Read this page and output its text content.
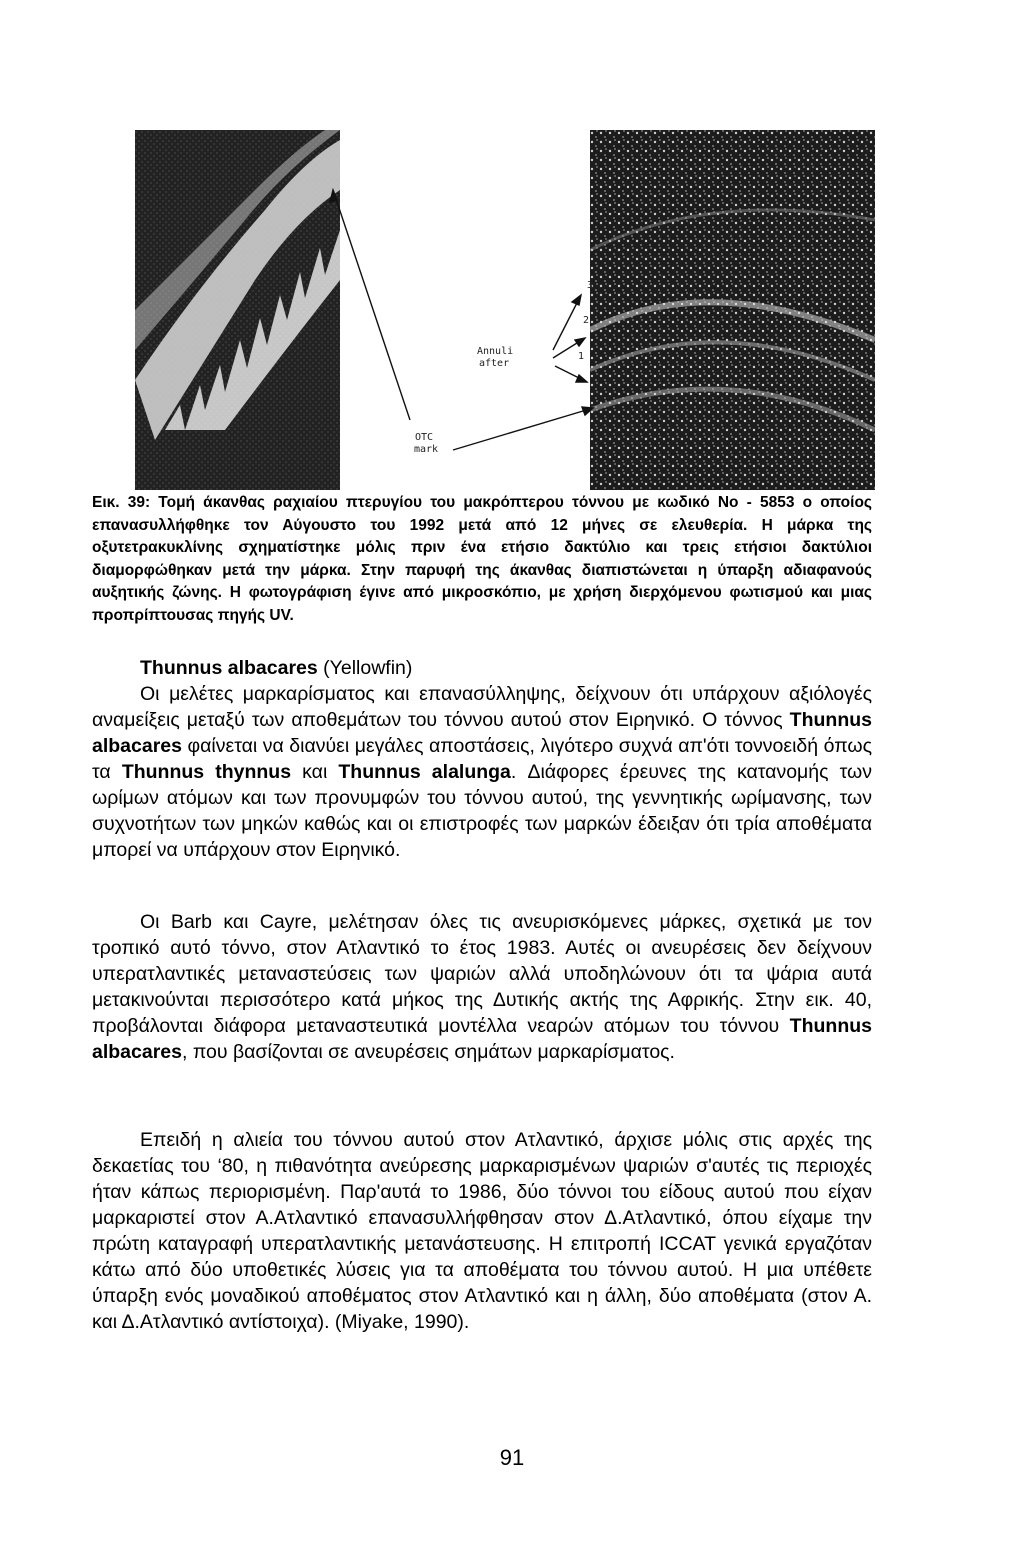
3
2
1
Annuli
after
OTC
mark
Εικ. 39: Τομή άκανθας ραχιαίου πτερυγίου του μακρόπτερου τόννου με κωδικό Νο - 5853 ο οποίος επανασυλλήφθηκε τον Αύγουστο του 1992 μετά από 12 μήνες σε ελευθερία. Η μάρκα της οξυτετρακυκλίνης σχηματίστηκε μόλις πριν ένα ετήσιο δακτύλιο και τρεις ετήσιοι δακτύλιοι διαμορφώθηκαν μετά την μάρκα. Στην παρυφή της άκανθας διαπιστώνεται η ύπαρξη αδιαφανούς αυξητικής ζώνης. Η φωτογράφιση έγινε από μικροσκόπιο, με χρήση διερχόμενου φωτισμού και μιας προπρίπτουσας πηγής UV.

Thunnus albacares (Yellowfin)

Οι μελέτες μαρκαρίσματος και επανασύλληψης, δείχνουν ότι υπάρχουν αξιόλογές αναμείξεις μεταξύ των αποθεμάτων του τόννου αυτού στον Ειρηνικό. Ο τόννος Thunnus albacares φαίνεται να διανύει μεγάλες αποστάσεις, λιγότερο συχνά απ'ότι τοννοειδή όπως τα Thunnus thynnus και Thunnus alalunga. Διάφορες έρευνες της κατανομής των ωρίμων ατόμων και των προνυμφών του τόννου αυτού, της γεννητικής ωρίμανσης, των συχνοτήτων των μηκών καθώς και οι επιστροφές των μαρκών έδειξαν ότι τρία αποθέματα μπορεί να υπάρχουν στον Ειρηνικό.

Οι Barb και Cayre, μελέτησαν όλες τις ανευρισκόμενες μάρκες, σχετικά με τον τροπικό αυτό τόννο, στον Ατλαντικό το έτος 1983. Αυτές οι ανευρέσεις δεν δείχνουν υπερατλαντικές μεταναστεύσεις των ψαριών αλλά υποδηλώνουν ότι τα ψάρια αυτά μετακινούνται περισσότερο κατά μήκος της Δυτικής ακτής της Αφρικής. Στην εικ. 40, προβάλονται διάφορα μεταναστευτικά μοντέλλα νεαρών ατόμων του τόννου Thunnus albacares, που βασίζονται σε ανευρέσεις σημάτων μαρκαρίσματος.

Επειδή η αλιεία του τόννου αυτού στον Ατλαντικό, άρχισε μόλις στις αρχές της δεκαετίας του ‘80, η πιθανότητα ανεύρεσης μαρκαρισμένων ψαριών σ'αυτές τις περιοχές ήταν κάπως περιορισμένη. Παρ'αυτά το 1986, δύο τόννοι του είδους αυτού που είχαν μαρκαριστεί στον Α.Ατλαντικό επανασυλλήφθησαν στον Δ.Ατλαντικό, όπου είχαμε την πρώτη καταγραφή υπερατλαντικής μετανάστευσης. Η επιτροπή ICCAT γενικά εργαζόταν κάτω από δύο υποθετικές λύσεις για τα αποθέματα του τόννου αυτού. Η μια υπέθετε ύπαρξη ενός μοναδικού αποθέματος στον Ατλαντικό και η άλλη, δύο αποθέματα (στον Α. και Δ.Ατλαντικό αντίστοιχα). (Miyake, 1990).

91
